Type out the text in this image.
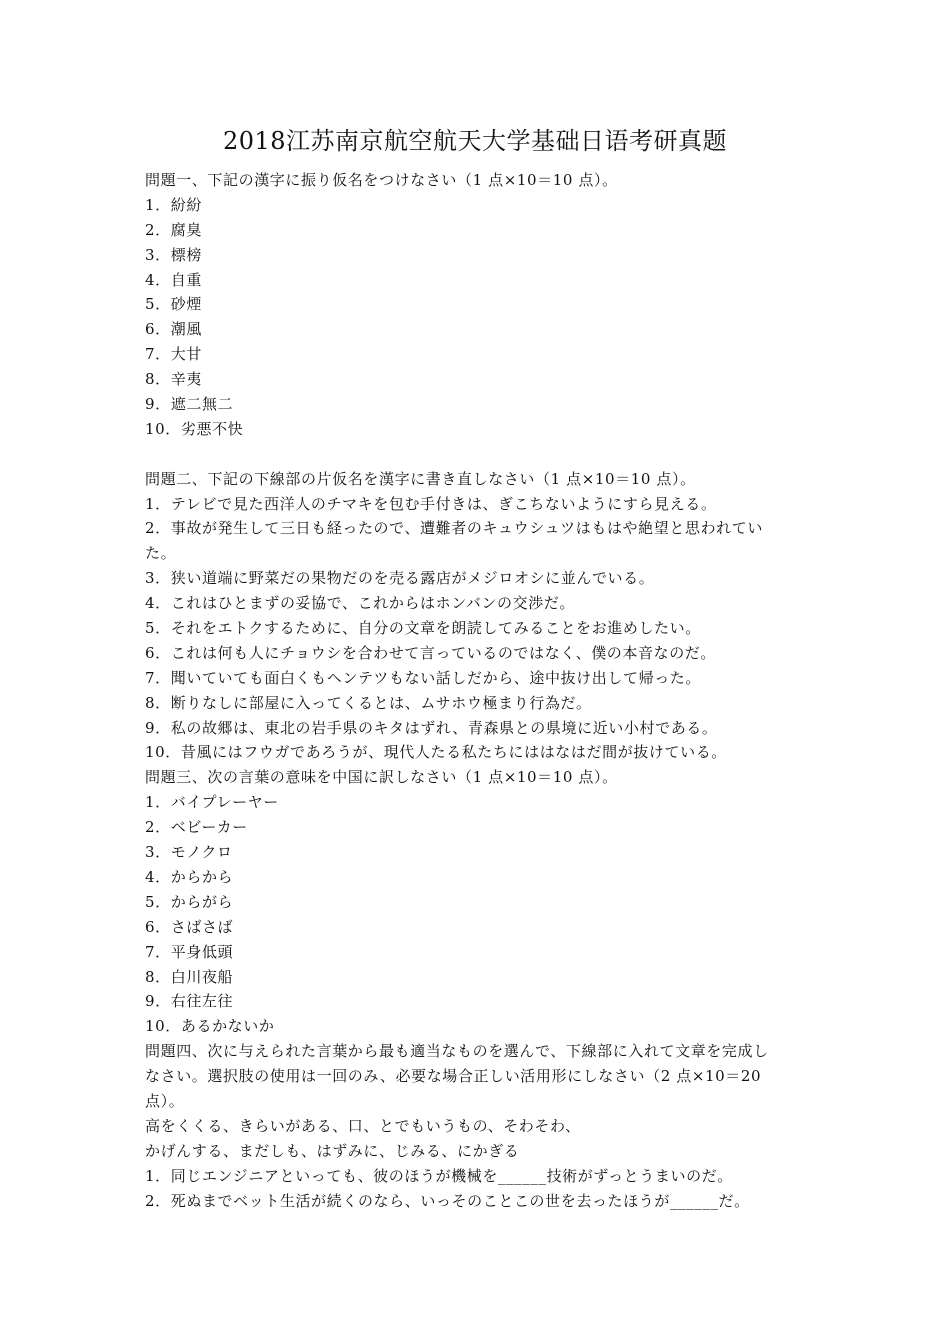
2018江苏南京航空航天大学基础日语考研真题
問題一、下記の漢字に振り仮名をつけなさい（1 点×10＝10 点）。
1．紛紛
2．腐臭
3．標榜
4．自重
5．砂煙
6．潮風
7．大甘
8．辛夷
9．遮二無二
10．劣悪不快
問題二、下記の下線部の片仮名を漢字に書き直しなさい（1 点×10＝10 点）。
1．テレビで見た西洋人のチマキを包む手付きは、ぎこちないようにすら見える。
2．事故が発生して三日も経ったので、遭難者のキュウシュツはもはや絶望と思われてい
た。
3．狭い道端に野菜だの果物だのを売る露店がメジロオシに並んでいる。
4．これはひとまずの妥協で、これからはホンバンの交渉だ。
5．それをエトクするために、自分の文章を朗読してみることをお進めしたい。
6．これは何も人にチョウシを合わせて言っているのではなく、僕の本音なのだ。
7．聞いていても面白くもヘンテツもない話しだから、途中抜け出して帰った。
8．断りなしに部屋に入ってくるとは、ムサホウ極まり行為だ。
9．私の故郷は、東北の岩手県のキタはずれ、青森県との県境に近い小村である。
10．昔風にはフウガであろうが、現代人たる私たちにははなはだ間が抜けている。
問題三、次の言葉の意味を中国に訳しなさい（1 点×10＝10 点）。
1．バイプレーヤー
2．ベビーカー
3．モノクロ
4．からから
5．からがら
6．さばさば
7．平身低頭
8．白川夜船
9．右往左往
10．あるかないか
問題四、次に与えられた言葉から最も適当なものを選んで、下線部に入れて文章を完成し
なさい。選択肢の使用は一回のみ、必要な場合正しい活用形にしなさい（2 点×10＝20
点）。
高をくくる、きらいがある、口、とでもいうもの、そわそわ、
かげんする、まだしも、はずみに、じみる、にかぎる
1．同じエンジニアといっても、彼のほうが機械を______技術がずっとうまいのだ。
2．死ぬまでベット生活が続くのなら、いっそのことこの世を去ったほうが______だ。
